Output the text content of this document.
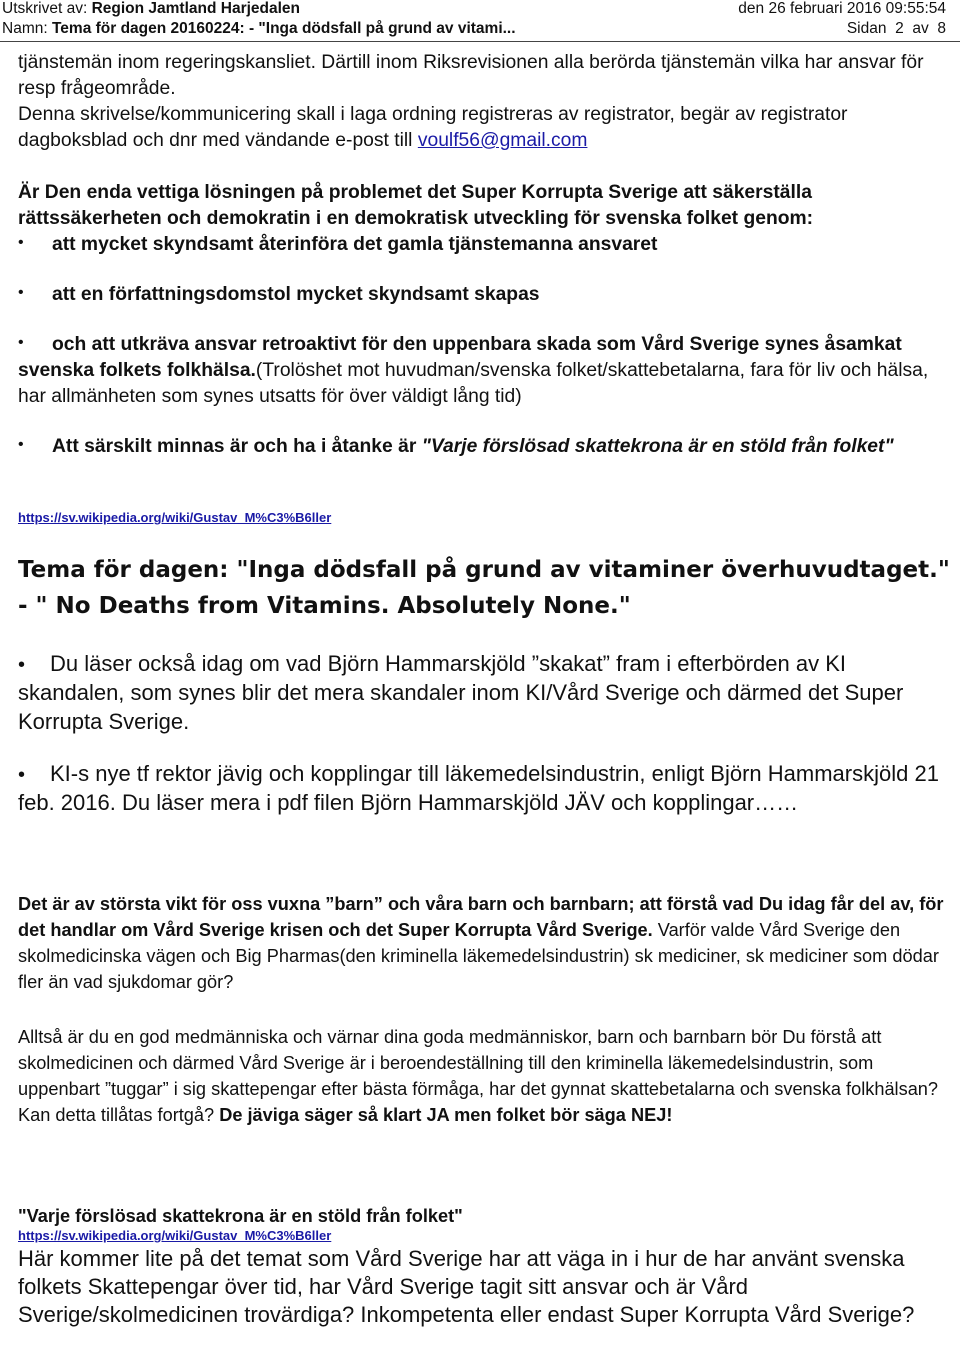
Utskrivet av: Region Jamtland Harjedalen	den 26 februari 2016 09:55:54
Namn: Tema för dagen 20160224: - "Inga dödsfall på grund av vitami...	Sidan 2 av 8

tjänstemän inom regeringskansliet. Därtill inom Riksrevisionen alla berörda tjänstemän vilka har ansvar för resp frågeområde.

Denna skrivelse/kommunicering skall i laga ordning registreras av registrator, begär av registrator dagboksblad och dnr med vändande e-post till voulf56@gmail.com

Är Den enda vettiga lösningen på problemet det Super Korrupta Sverige att säkerställa rättssäkerheten och demokratin i en demokratisk utveckling för svenska folket genom:

• att mycket skyndsamt återinföra det gamla tjänstemanna ansvaret

• att en författningsdomstol mycket skyndsamt skapas

•	och att utkräva ansvar retroaktivt för den uppenbara skada som Vård Sverige synes åsamkat svenska folkets folkhälsa.(Trolöshet mot huvudman/svenska folket/skattebetalarna, fara för liv och hälsa, har allmänheten som synes utsatts för över väldigt lång tid)

•	Att särskilt minnas är och ha i åtanke är "Varje förslösad skattekrona är en stöld från folket"

https://sv.wikipedia.org/wiki/Gustav_M%C3%B6ller

Tema för dagen: "Inga dödsfall på grund av vitaminer överhuvudtaget." - " No Deaths from Vitamins. Absolutely None."

•	Du läser också idag om vad Björn Hammarskjöld ”skakat” fram i efterbörden av KI skandalen, som synes blir det mera skandaler inom KI/Vård Sverige och därmed det Super Korrupta Sverige.

•	KI-s nye tf rektor jävig och kopplingar till läkemedelsindustrin, enligt Björn Hammarskjöld 21 feb. 2016. Du läser mera i pdf filen Björn Hammarskjöld JÄV och kopplingar……

Det är av största vikt för oss vuxna ”barn” och våra barn och barnbarn; att förstå vad Du idag får del av, för det handlar om Vård Sverige krisen och det Super Korrupta Vård Sverige. Varför valde Vård Sverige den skolmedicinska vägen och Big Pharmas(den kriminella läkemedelsindustrin) sk mediciner, sk mediciner som dödar fler än vad sjukdomar gör?

Alltså är du en god medmänniska och värnar dina goda medmänniskor, barn och barnbarn bör Du förstå att skolmedicinen och därmed Vård Sverige är i beroendeställning till den kriminella läkemedelsindustrin, som uppenbart ”tuggar” i sig skattepengar efter bästa förmåga, har det gynnat skattebetalarna och svenska folkhälsan? Kan detta tillåtas fortgå? De jäviga säger så klart JA men folket bör säga NEJ!

"Varje förslösad skattekrona är en stöld från folket"

https://sv.wikipedia.org/wiki/Gustav_M%C3%B6ller

Här kommer lite på det temat som Vård Sverige har att väga in i hur de har använt svenska folkets Skattepengar över tid, har Vård Sverige tagit sitt ansvar och är Vård Sverige/skolmedicinen trovärdiga? Inkompetenta eller endast Super Korrupta Vård Sverige?
